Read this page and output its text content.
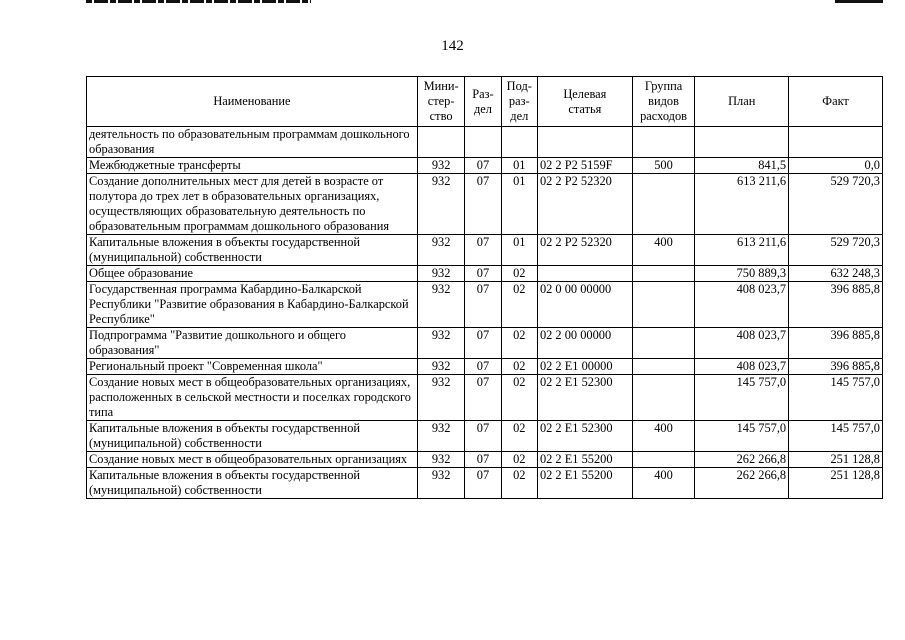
142
Наименование	Мини-
стер-
ство	Раз-
дел	Под-
раз-
дел	Целевая
статья	Группа
видов
расходов	План	Факт
деятельность по образовательным программам дошкольного образования							
Межбюджетные трансферты	932	07	01	02 2 Р2 5159F	500	841,5	0,0
Создание дополнительных мест для детей в возрасте от полутора до трех лет в образовательных организациях, осуществляющих образовательную деятельность по образовательным программам дошкольного образования	932	07	01	02 2 Р2 52320		613 211,6	529 720,3
Капитальные вложения в объекты государственной (муниципальной) собственности	932	07	01	02 2 Р2 52320	400	613 211,6	529 720,3
Общее образование	932	07	02			750 889,3	632 248,3
Государственная программа Кабардино-Балкарской Республики "Развитие образования в Кабардино-Балкарской Республике"	932	07	02	02 0 00 00000		408 023,7	396 885,8
Подпрограмма "Развитие дошкольного и общего образования"	932	07	02	02 2 00 00000		408 023,7	396 885,8
Региональный проект "Современная школа"	932	07	02	02 2 Е1 00000		408 023,7	396 885,8
Создание новых мест в общеобразовательных организациях, расположенных в сельской местности и поселках городского типа	932	07	02	02 2 Е1 52300		145 757,0	145 757,0
Капитальные вложения в объекты государственной (муниципальной) собственности	932	07	02	02 2 Е1 52300	400	145 757,0	145 757,0
Создание новых мест в общеобразовательных организациях	932	07	02	02 2 Е1 55200		262 266,8	251 128,8
Капитальные вложения в объекты государственной (муниципальной) собственности	932	07	02	02 2 Е1 55200	400	262 266,8	251 128,8
